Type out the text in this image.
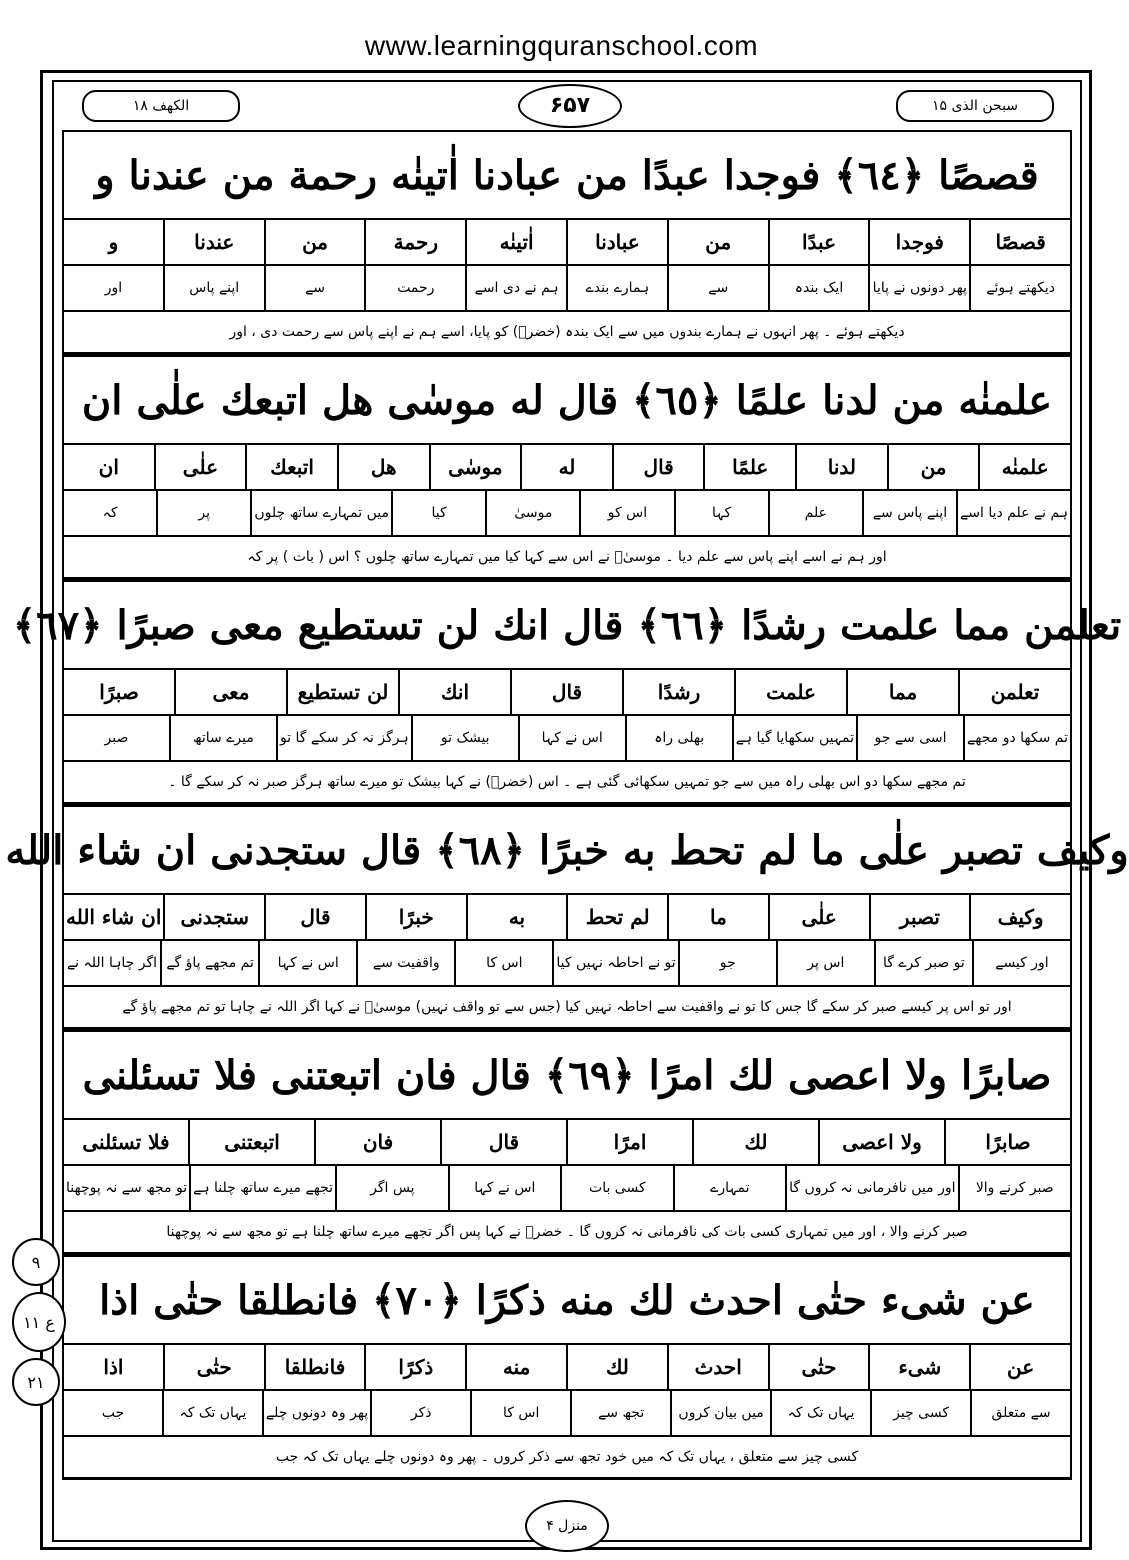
www.learningquranschool.com
الکھف ۱۸	۶۵۷	سبحن الذی ۱۵
قصصًا ﴿٦٤﴾ فوجدا عبدًا من عبادنا اٰتینٰه رحمة من عندنا و
قصصًا
فوجدا
عبدًا
من
عبادنا
اٰتینٰه
رحمة
من
عندنا
و
دیکھتے ہوئے
پھر دونوں نے پایا
ایک بندہ
سے
ہمارے بندے
ہم نے دی اسے
رحمت
سے
اپنے پاس
اور
دیکھتے ہوئے ۔ پھر انہوں نے ہمارے بندوں میں سے ایک بندہ (خضرؑ) کو پایا، اسے ہم نے اپنے پاس سے رحمت دی ، اور
علمنٰه من لدنا علمًا ﴿٦٥﴾ قال له موسٰی هل اتبعك علٰی ان
علمنٰه
من
لدنا
علمًا
قال
له
موسٰی
هل
اتبعك
علٰی
ان
ہم نے علم دیا اسے
اپنے پاس سے
علم
کہا
اس کو
موسیٰ
کیا
میں تمہارے ساتھ چلوں
پر
کہ
اور ہم نے اسے اپنے پاس سے علم دیا ۔ موسیٰؑ نے اس سے کہا کیا میں تمہارے ساتھ چلوں ؟ اس ( بات ) پر کہ
تعلمن مما علمت رشدًا ﴿٦٦﴾ قال انك لن تستطیع معی صبرًا ﴿٦٧﴾
تعلمن
مما
علمت
رشدًا
قال
انك
لن تستطیع
معی
صبرًا
تم سکھا دو مجھے
اسی سے جو
تمہیں سکھایا گیا ہے
بھلی راہ
اس نے کہا
بیشک تو
ہرگز نہ کر سکے گا تو
میرے ساتھ
صبر
تم مجھے سکھا دو اس بھلی راہ میں سے جو تمہیں سکھائی گئی ہے ۔ اس (خضرؑ) نے کہا بیشک تو میرے ساتھ ہرگز صبر نہ کر سکے گا ۔
وكیف تصبر علٰی ما لم تحط به خبرًا ﴿٦٨﴾ قال ستجدنی ان شاء الله
وكیف
تصبر
علٰی
ما
لم تحط
به
خبرًا
قال
ستجدنی
ان شاء الله
اور کیسے
تو صبر کرے گا
اس پر
جو
تو نے احاطہ نہیں کیا
اس کا
واقفیت سے
اس نے کہا
تم مجھے پاؤ گے
اگر چاہا اللہ نے
اور تو اس پر کیسے صبر کر سکے گا جس کا تو نے واقفیت سے احاطہ نہیں کیا (جس سے تو واقف نہیں) موسیٰؑ نے کہا اگر اللہ نے چاہا تو تم مجھے پاؤ گے
صابرًا ولا اعصی لك امرًا ﴿٦٩﴾ قال فان اتبعتنی فلا تسئلنی
صابرًا
ولا اعصی
لك
امرًا
قال
فان
اتبعتنی
فلا تسئلنی
صبر کرنے والا
اور میں نافرمانی نہ کروں گا
تمہارے
کسی بات
اس نے کہا
پس اگر
تجھے میرے ساتھ چلنا ہے
تو مجھ سے نہ پوچھنا
صبر کرنے والا ، اور میں تمہاری کسی بات کی نافرمانی نہ کروں گا ۔ خضرؑ نے کہا پس اگر تجھے میرے ساتھ چلنا ہے تو مجھ سے نہ پوچھنا
عن شیء حتٰی احدث لك منه ذكرًا ﴿٧٠﴾ فانطلقا حتٰی اذا
عن
شیء
حتٰی
احدث
لك
منه
ذكرًا
فانطلقا
حتٰی
اذا
سے متعلق
کسی چیز
یہاں تک کہ
میں بیان کروں
تجھ سے
اس کا
ذکر
پھر وہ دونوں چلے
یہاں تک کہ
جب
کسی چیز سے متعلق ، یہاں تک کہ میں خود تجھ سے ذکر کروں ۔ پھر وہ دونوں چلے یہاں تک کہ جب
۹
ع ۱۱
۲۱
منزل ۴
